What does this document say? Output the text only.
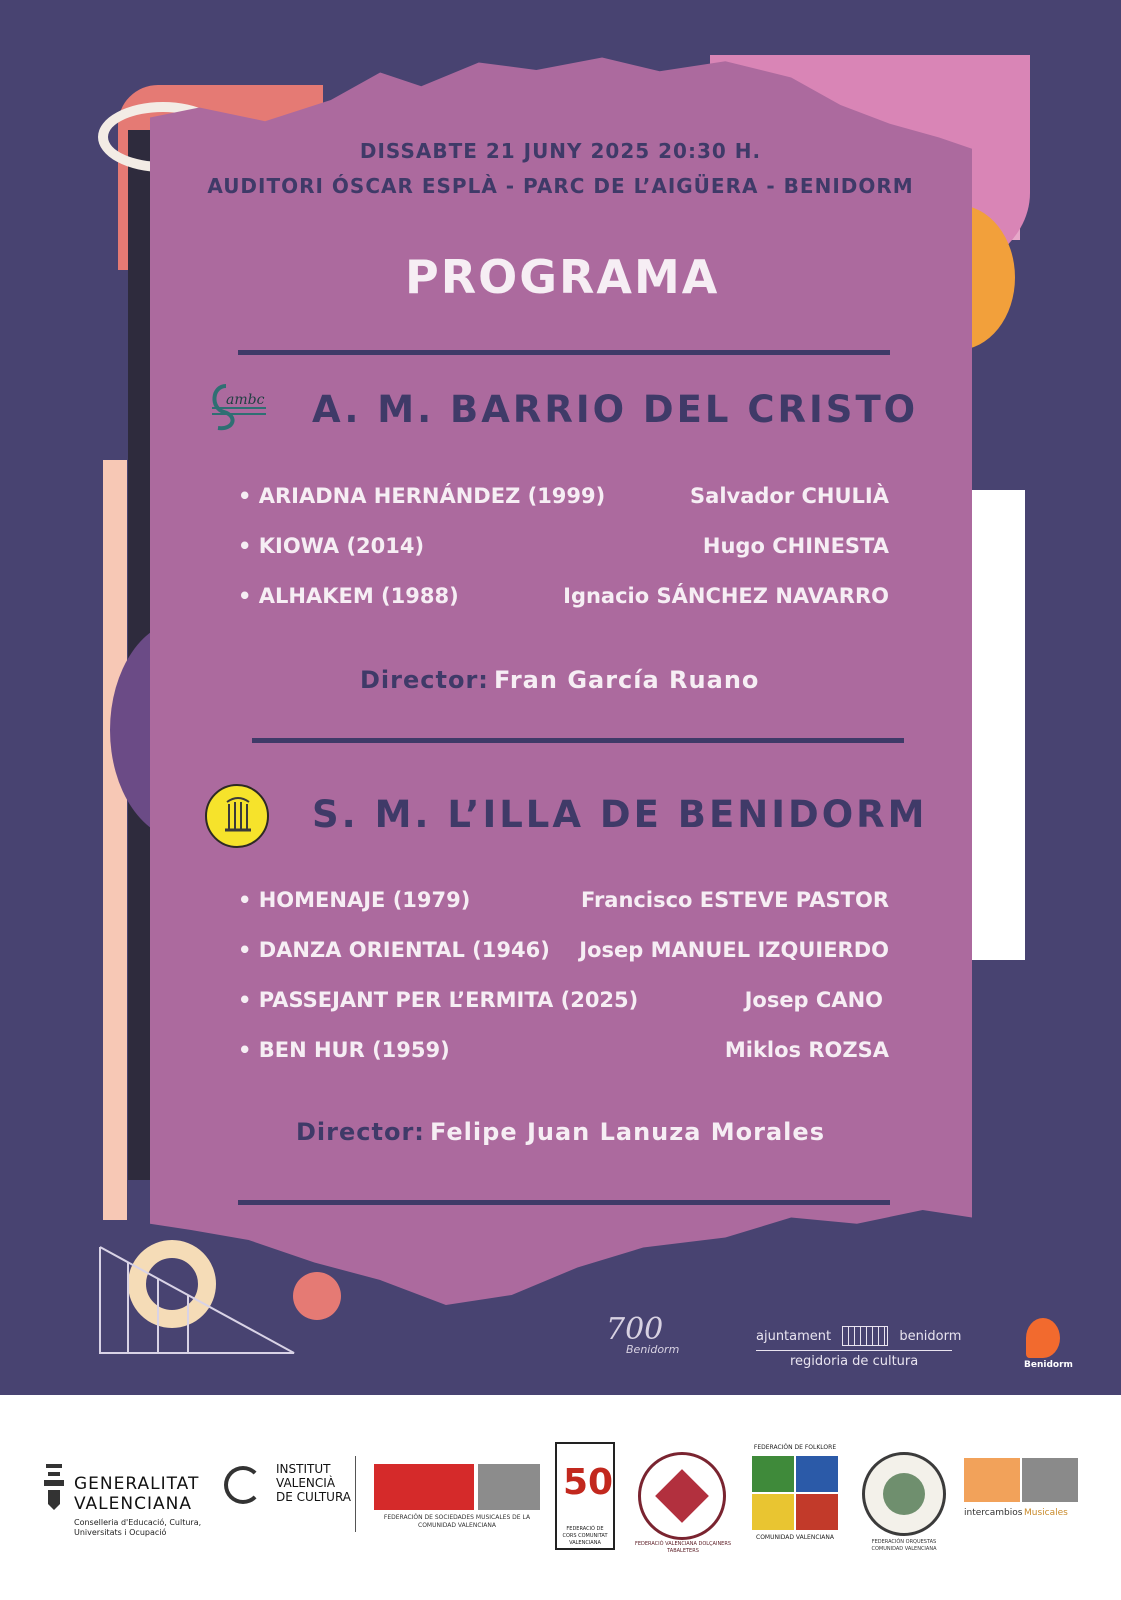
DISSABTE 21 JUNY 2025 20:30 H.
AUDITORI ÓSCAR ESPLÀ - PARC DE L’AIGÜERA - BENIDORM
PROGRAMA
ambc A. M. BARRIO DEL CRISTO
• ARIADNA HERNÁNDEZ (1999)	Salvador CHULIÀ
• KIOWA (2014)	Hugo CHINESTA
• ALHAKEM (1988)	Ignacio SÁNCHEZ NAVARRO
Director: Fran García Ruano
S. M. L’ILLA DE BENIDORM
• HOMENAJE (1979)	Francisco ESTEVE PASTOR
• DANZA ORIENTAL (1946) Josep MANUEL IZQUIERDO
• PASSEJANT PER L’ERMITA (2025)	Josep CANO
• BEN HUR (1959)	Miklos ROZSA
Director: Felipe Juan Lanuza Morales
700
Benidorm
ajuntament	benidorm
regidoria de cultura	Benidorm
GENERALITAT
VALENCIANA
Conselleria d'Educació, Cultura, Universitats i Ocupació
INSTITUT
VALENCIÀ
DE CULTURA
FEDERACIÓN DE SOCIEDADES MUSICALES DE LA COMUNIDAD VALENCIANA
50
FEDERACIÓ DE CORS COMUNITAT VALENCIANA	FEDERACIÓ VALENCIANA DOLÇAINERS TABALETERS
FEDERACIÓN DE FOLKLORE
COMUNIDAD VALENCIANA
FEDERACIÓN ORQUESTAS COMUNIDAD VALENCIANA
intercambios Musicales
